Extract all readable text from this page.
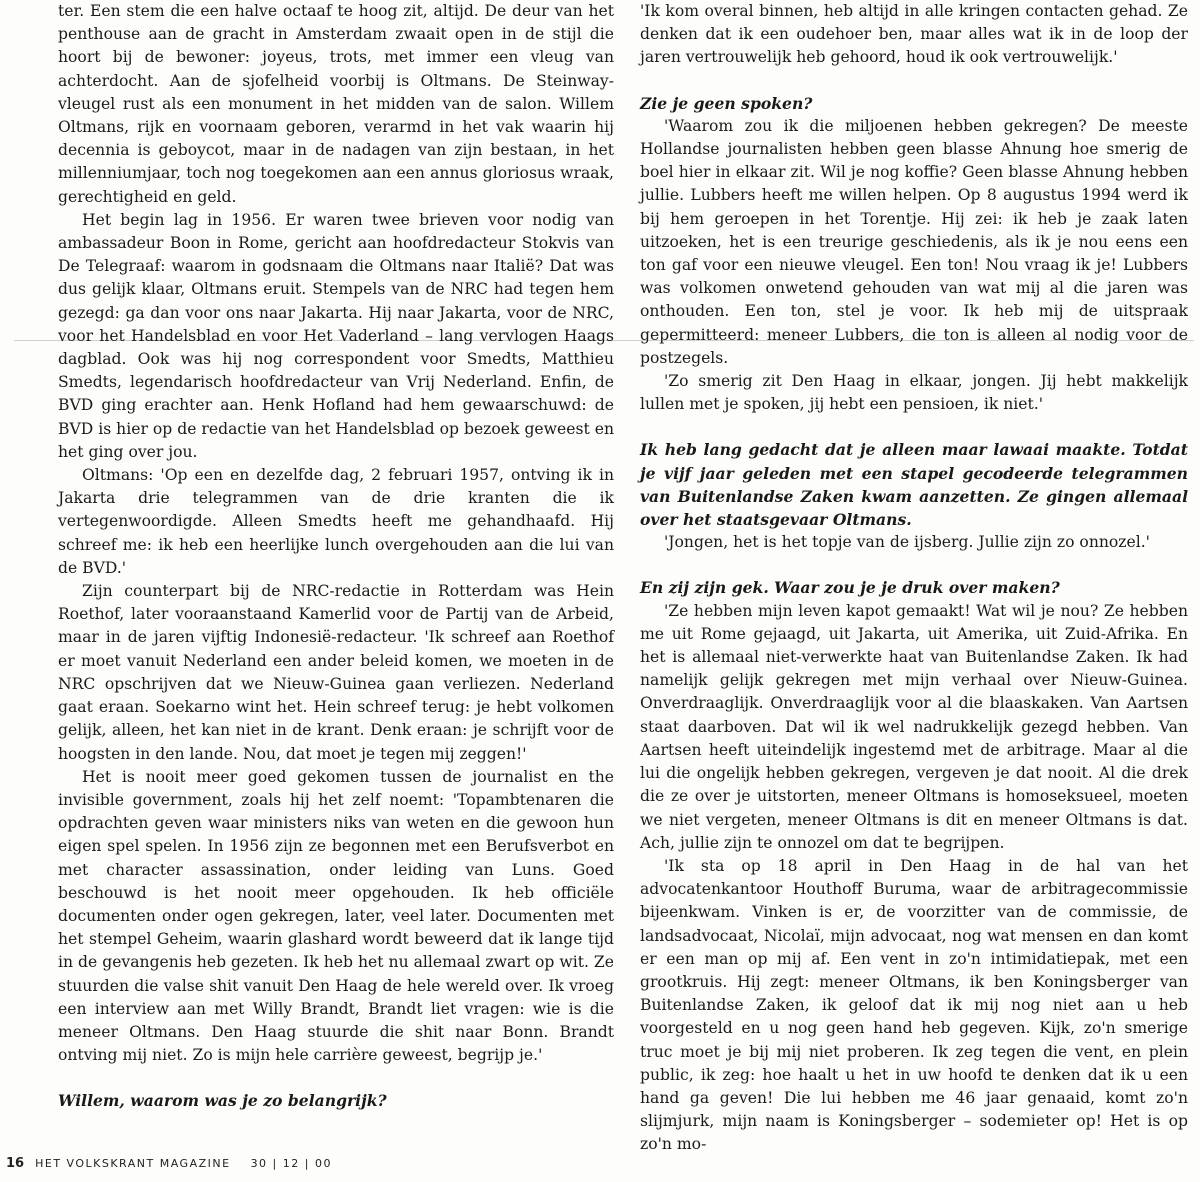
ter. Een stem die een halve octaaf te hoog zit, altijd. De deur van het penthouse aan de gracht in Amsterdam zwaait open in de stijl die hoort bij de bewoner: joyeus, trots, met immer een vleug van achterdocht. Aan de sjofelheid voorbij is Oltmans. De Steinway-vleugel rust als een monument in het midden van de salon. Willem Oltmans, rijk en voornaam geboren, verarmd in het vak waarin hij decennia is geboycot, maar in de nadagen van zijn bestaan, in het millenniumjaar, toch nog toegekomen aan een annus gloriosus wraak, gerechtigheid en geld.

Het begin lag in 1956. Er waren twee brieven voor nodig van ambassadeur Boon in Rome, gericht aan hoofdredacteur Stokvis van De Telegraaf: waarom in godsnaam die Oltmans naar Italië? Dat was dus gelijk klaar, Oltmans eruit. Stempels van de NRC had tegen hem gezegd: ga dan voor ons naar Jakarta. Hij naar Jakarta, voor de NRC, voor het Handelsblad en voor Het Vaderland – lang vervlogen Haags dagblad. Ook was hij nog correspondent voor Smedts, Matthieu Smedts, legendarisch hoofdredacteur van Vrij Nederland. Enfin, de BVD ging erachter aan. Henk Hofland had hem gewaarschuwd: de BVD is hier op de redactie van het Handelsblad op bezoek geweest en het ging over jou.

Oltmans: 'Op een en dezelfde dag, 2 februari 1957, ontving ik in Jakarta drie telegrammen van de drie kranten die ik vertegenwoordigde. Alleen Smedts heeft me gehandhaafd. Hij schreef me: ik heb een heerlijke lunch overgehouden aan die lui van de BVD.'

Zijn counterpart bij de NRC-redactie in Rotterdam was Hein Roethof, later vooraanstaand Kamerlid voor de Partij van de Arbeid, maar in de jaren vijftig Indonesië-redacteur. 'Ik schreef aan Roethof er moet vanuit Nederland een ander beleid komen, we moeten in de NRC opschrijven dat we Nieuw-Guinea gaan verliezen. Nederland gaat eraan. Soekarno wint het. Hein schreef terug: je hebt volkomen gelijk, alleen, het kan niet in de krant. Denk eraan: je schrijft voor de hoogsten in den lande. Nou, dat moet je tegen mij zeggen!'

Het is nooit meer goed gekomen tussen de journalist en the invisible government, zoals hij het zelf noemt: 'Topambtenaren die opdrachten geven waar ministers niks van weten en die gewoon hun eigen spel spelen. In 1956 zijn ze begonnen met een Berufsverbot en met character assassination, onder leiding van Luns. Goed beschouwd is het nooit meer opgehouden. Ik heb officiële documenten onder ogen gekregen, later, veel later. Documenten met het stempel Geheim, waarin glashard wordt beweerd dat ik lange tijd in de gevangenis heb gezeten. Ik heb het nu allemaal zwart op wit. Ze stuurden die valse shit vanuit Den Haag de hele wereld over. Ik vroeg een interview aan met Willy Brandt, Brandt liet vragen: wie is die meneer Oltmans. Den Haag stuurde die shit naar Bonn. Brandt ontving mij niet. Zo is mijn hele carrière geweest, begrijp je.'

Willem, waarom was je zo belangrijk?

'Ik kom overal binnen, heb altijd in alle kringen contacten gehad. Ze denken dat ik een oudehoer ben, maar alles wat ik in de loop der jaren vertrouwelijk heb gehoord, houd ik ook vertrouwelijk.'

Zie je geen spoken?

'Waarom zou ik die miljoenen hebben gekregen? De meeste Hollandse journalisten hebben geen blasse Ahnung hoe smerig de boel hier in elkaar zit. Wil je nog koffie? Geen blasse Ahnung hebben jullie. Lubbers heeft me willen helpen. Op 8 augustus 1994 werd ik bij hem geroepen in het Torentje. Hij zei: ik heb je zaak laten uitzoeken, het is een treurige geschiedenis, als ik je nou eens een ton gaf voor een nieuwe vleugel. Een ton! Nou vraag ik je! Lubbers was volkomen onwetend gehouden van wat mij al die jaren was onthouden. Een ton, stel je voor. Ik heb mij de uitspraak gepermitteerd: meneer Lubbers, die ton is alleen al nodig voor de postzegels.

'Zo smerig zit Den Haag in elkaar, jongen. Jij hebt makkelijk lullen met je spoken, jij hebt een pensioen, ik niet.'

Ik heb lang gedacht dat je alleen maar lawaai maakte. Totdat je vijf jaar geleden met een stapel gecodeerde telegrammen van Buitenlandse Zaken kwam aanzetten. Ze gingen allemaal over het staatsgevaar Oltmans.

'Jongen, het is het topje van de ijsberg. Jullie zijn zo onnozel.'

En zij zijn gek. Waar zou je je druk over maken?

'Ze hebben mijn leven kapot gemaakt! Wat wil je nou? Ze hebben me uit Rome gejaagd, uit Jakarta, uit Amerika, uit Zuid-Afrika. En het is allemaal niet-verwerkte haat van Buitenlandse Zaken. Ik had namelijk gelijk gekregen met mijn verhaal over Nieuw-Guinea. Onverdraaglijk. Onverdraaglijk voor al die blaaskaken. Van Aartsen staat daarboven. Dat wil ik wel nadrukkelijk gezegd hebben. Van Aartsen heeft uiteindelijk ingestemd met de arbitrage. Maar al die lui die ongelijk hebben gekregen, vergeven je dat nooit. Al die drek die ze over je uitstorten, meneer Oltmans is homoseksueel, moeten we niet vergeten, meneer Oltmans is dit en meneer Oltmans is dat. Ach, jullie zijn te onnozel om dat te begrijpen.

'Ik sta op 18 april in Den Haag in de hal van het advocatenkantoor Houthoff Buruma, waar de arbitragecommissie bijeenkwam. Vinken is er, de voorzitter van de commissie, de landsadvocaat, Nicolaï, mijn advocaat, nog wat mensen en dan komt er een man op mij af. Een vent in zo'n intimidatiepak, met een grootkruis. Hij zegt: meneer Oltmans, ik ben Koningsberger van Buitenlandse Zaken, ik geloof dat ik mij nog niet aan u heb voorgesteld en u nog geen hand heb gegeven. Kijk, zo'n smerige truc moet je bij mij niet proberen. Ik zeg tegen die vent, en plein public, ik zeg: hoe haalt u het in uw hoofd te denken dat ik u een hand ga geven! Die lui hebben me 46 jaar genaaid, komt zo'n slijmjurk, mijn naam is Koningsberger – sodemieter op! Het is op zo'n mo-

16 HET VOLKSKRANT MAGAZINE 30 | 12 | 00
